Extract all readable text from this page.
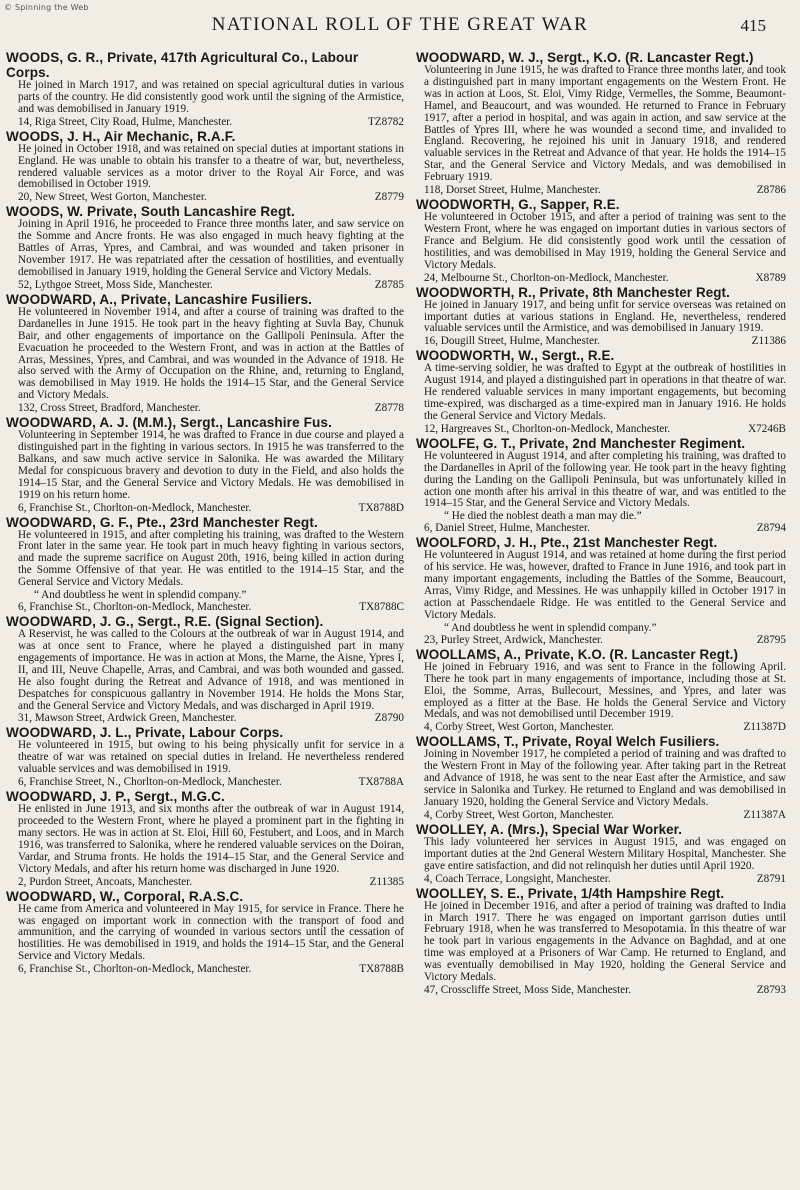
© Spinning the Web
NATIONAL ROLL OF THE GREAT WAR	415
WOODS, G. R., Private, 417th Agricultural Co., Labour Corps.
He joined in March 1917, and was retained on special agricultural duties in various parts of the country. He did consistently good work until the signing of the Armistice, and was demobilised in January 1919.
14, Riga Street, City Road, Hulme, Manchester.	TZ8782
WOODS, J. H., Air Mechanic, R.A.F.
He joined in October 1918, and was retained on special duties at important stations in England. He was unable to obtain his transfer to a theatre of war, but, nevertheless, rendered valuable services as a motor driver to the Royal Air Force, and was demobilised in October 1919.
20, New Street, West Gorton, Manchester.	Z8779
WOODS, W. Private, South Lancashire Regt.
Joining in April 1916, he proceeded to France three months later, and saw service on the Somme and Ancre fronts. He was also engaged in much heavy fighting at the Battles of Arras, Ypres, and Cambrai, and was wounded and taken prisoner in November 1917. He was repatriated after the cessation of hostilities, and eventually demobilised in January 1919, holding the General Service and Victory Medals.
52, Lythgoe Street, Moss Side, Manchester.	Z8785
WOODWARD, A., Private, Lancashire Fusiliers.
He volunteered in November 1914, and after a course of training was drafted to the Dardanelles in June 1915. He took part in the heavy fighting at Suvla Bay, Chunuk Bair, and other engagements of importance on the Gallipoli Peninsula. After the Evacuation he proceeded to the Western Front, and was in action at the Battles of Arras, Messines, Ypres, and Cambrai, and was wounded in the Advance of 1918. He also served with the Army of Occupation on the Rhine, and, returning to England, was demobilised in May 1919. He holds the 1914–15 Star, and the General Service and Victory Medals.
132, Cross Street, Bradford, Manchester.	Z8778
WOODWARD, A. J. (M.M.), Sergt., Lancashire Fus.
Volunteering in September 1914, he was drafted to France in due course and played a distinguished part in the fighting in various sectors. In 1915 he was transferred to the Balkans, and saw much active service in Salonika. He was awarded the Military Medal for conspicuous bravery and devotion to duty in the Field, and also holds the 1914–15 Star, and the General Service and Victory Medals. He was demobilised in 1919 on his return home.
6, Franchise St., Chorlton-on-Medlock, Manchester.	TX8788D
WOODWARD, G. F., Pte., 23rd Manchester Regt.
He volunteered in 1915, and after completing his training, was drafted to the Western Front later in the same year. He took part in much heavy fighting in various sectors, and made the supreme sacrifice on August 20th, 1916, being killed in action during the Somme Offensive of that year. He was entitled to the 1914–15 Star, and the General Service and Victory Medals.
“ And doubtless he went in splendid company.”
6, Franchise St., Chorlton-on-Medlock, Manchester.	TX8788C
WOODWARD, J. G., Sergt., R.E. (Signal Section).
A Reservist, he was called to the Colours at the outbreak of war in August 1914, and was at once sent to France, where he played a distinguished part in many engagements of importance. He was in action at Mons, the Marne, the Aisne, Ypres I, II, and III, Neuve Chapelle, Arras, and Cambrai, and was both wounded and gassed. He also fought during the Retreat and Advance of 1918, and was mentioned in Despatches for conspicuous gallantry in November 1914. He holds the Mons Star, and the General Service and Victory Medals, and was discharged in April 1919.
31, Mawson Street, Ardwick Green, Manchester.	Z8790
WOODWARD, J. L., Private, Labour Corps.
He volunteered in 1915, but owing to his being physically unfit for service in a theatre of war was retained on special duties in Ireland. He nevertheless rendered valuable services and was demobilised in 1919.
6, Franchise Street, N., Chorlton-on-Medlock, Manchester.	TX8788A
WOODWARD, J. P., Sergt., M.G.C.
He enlisted in June 1913, and six months after the outbreak of war in August 1914, proceeded to the Western Front, where he played a prominent part in the fighting in many sectors. He was in action at St. Eloi, Hill 60, Festubert, and Loos, and in March 1916, was transferred to Salonika, where he rendered valuable services on the Doiran, Vardar, and Struma fronts. He holds the 1914–15 Star, and the General Service and Victory Medals, and after his return home was discharged in June 1920.
2, Purdon Street, Ancoats, Manchester.	Z11385
WOODWARD, W., Corporal, R.A.S.C.
He came from America and volunteered in May 1915, for service in France. There he was engaged on important work in connection with the transport of food and ammunition, and the carrying of wounded in various sectors until the cessation of hostilities. He was demobilised in 1919, and holds the 1914–15 Star, and the General Service and Victory Medals.
6, Franchise St., Chorlton-on-Medlock, Manchester.	TX8788B
WOODWARD, W. J., Sergt., K.O. (R. Lancaster Regt.)
Volunteering in June 1915, he was drafted to France three months later, and took a distinguished part in many important engagements on the Western Front. He was in action at Loos, St. Eloi, Vimy Ridge, Vermelles, the Somme, Beaumont-Hamel, and Beaucourt, and was wounded. He returned to France in February 1917, after a period in hospital, and was again in action, and saw service at the Battles of Ypres III, where he was wounded a second time, and invalided to England. Recovering, he rejoined his unit in January 1918, and rendered valuable services in the Retreat and Advance of that year. He holds the 1914–15 Star, and the General Service and Victory Medals, and was demobilised in February 1919.
118, Dorset Street, Hulme, Manchester.	Z8786
WOODWORTH, G., Sapper, R.E.
He volunteered in October 1915, and after a period of training was sent to the Western Front, where he was engaged on important duties in various sectors of France and Belgium. He did consistently good work until the cessation of hostilities, and was demobilised in May 1919, holding the General Service and Victory Medals.
24, Melbourne St., Chorlton-on-Medlock, Manchester.	X8789
WOODWORTH, R., Private, 8th Manchester Regt.
He joined in January 1917, and being unfit for service overseas was retained on important duties at various stations in England. He, nevertheless, rendered valuable services until the Armistice, and was demobilised in January 1919.
16, Dougill Street, Hulme, Manchester.	Z11386
WOODWORTH, W., Sergt., R.E.
A time-serving soldier, he was drafted to Egypt at the outbreak of hostilities in August 1914, and played a distinguished part in operations in that theatre of war. He rendered valuable services in many important engagements, but becoming time-expired, was discharged as a time-expired man in January 1916. He holds the General Service and Victory Medals.
12, Hargreaves St., Chorlton-on-Medlock, Manchester.	X7246B
WOOLFE, G. T., Private, 2nd Manchester Regiment.
He volunteered in August 1914, and after completing his training, was drafted to the Dardanelles in April of the following year. He took part in the heavy fighting during the Landing on the Gallipoli Peninsula, but was unfortunately killed in action one month after his arrival in this theatre of war, and was entitled to the 1914–15 Star, and the General Service and Victory Medals.
“ He died the noblest death a man may die.”
6, Daniel Street, Hulme, Manchester.	Z8794
WOOLFORD, J. H., Pte., 21st Manchester Regt.
He volunteered in August 1914, and was retained at home during the first period of his service. He was, however, drafted to France in June 1916, and took part in many important engagements, including the Battles of the Somme, Beaucourt, Arras, Vimy Ridge, and Messines. He was unhappily killed in October 1917 in action at Passchendaele Ridge. He was entitled to the General Service and Victory Medals.
“ And doubtless he went in splendid company.”
23, Purley Street, Ardwick, Manchester.	Z8795
WOOLLAMS, A., Private, K.O. (R. Lancaster Regt.)
He joined in February 1916, and was sent to France in the following April. There he took part in many engagements of importance, including those at St. Eloi, the Somme, Arras, Bullecourt, Messines, and Ypres, and later was employed as a fitter at the Base. He holds the General Service and Victory Medals, and was not demobilised until December 1919.
4, Corby Street, West Gorton, Manchester.	Z11387D
WOOLLAMS, T., Private, Royal Welch Fusiliers.
Joining in November 1917, he completed a period of training and was drafted to the Western Front in May of the following year. After taking part in the Retreat and Advance of 1918, he was sent to the near East after the Armistice, and saw service in Salonika and Turkey. He returned to England and was demobilised in January 1920, holding the General Service and Victory Medals.
4, Corby Street, West Gorton, Manchester.	Z11387A
WOOLLEY, A. (Mrs.), Special War Worker.
This lady volunteered her services in August 1915, and was engaged on important duties at the 2nd General Western Military Hospital, Manchester. She gave entire satisfaction, and did not relinquish her duties until April 1920.
4, Coach Terrace, Longsight, Manchester.	Z8791
WOOLLEY, S. E., Private, 1/4th Hampshire Regt.
He joined in December 1916, and after a period of training was drafted to India in March 1917. There he was engaged on important garrison duties until February 1918, when he was transferred to Mesopotamia. In this theatre of war he took part in various engagements in the Advance on Baghdad, and at one time was employed at a Prisoners of War Camp. He returned to England, and was eventually demobilised in May 1920, holding the General Service and Victory Medals.
47, Crosscliffe Street, Moss Side, Manchester.	Z8793
